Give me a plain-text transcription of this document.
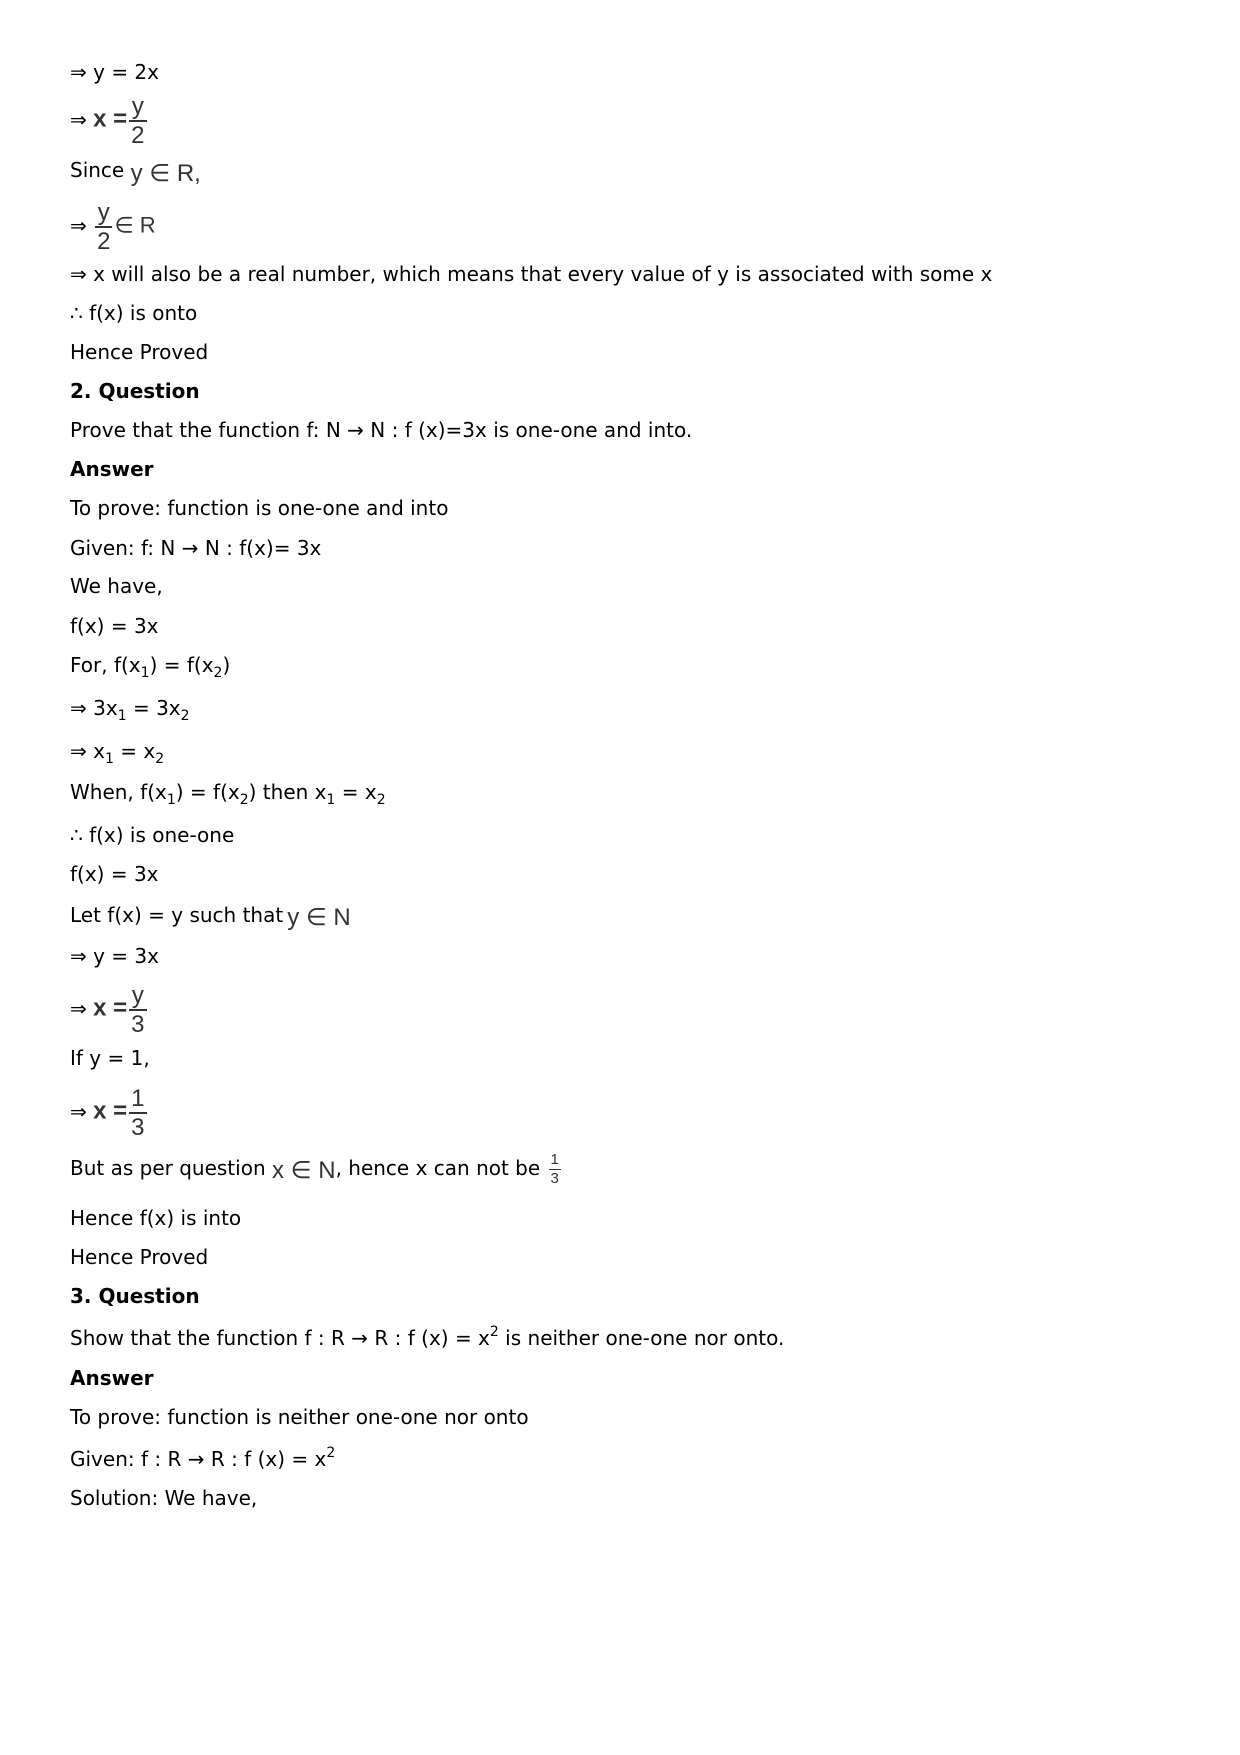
⇒ y = 2x
⇒ $x = \frac{y}{2}$
Since y ∈ R,
⇒ $\frac{y}{2}$ ∈ R
⇒ x will also be a real number, which means that every value of y is associated with some x
∴ f(x) is onto
Hence Proved
2. Question
Prove that the function f: N → N : f (x)=3x is one-one and into.
Answer
To prove: function is one-one and into
Given: f: N → N : f(x)= 3x
We have,
f(x) = 3x
For, $f(x_1) = f(x_2)$
⇒ $3x_1 = 3x_2$
⇒ $x_1 = x_2$
When, $f(x_1) = f(x_2)$ then $x_1 = x_2$
∴ f(x) is one-one
f(x) = 3x
Let f(x) = y such that y ∈ N
⇒ y = 3x
⇒ $x = \frac{y}{3}$
If y = 1,
⇒ $x = \frac{1}{3}$
But as per question x ∈ N, hence x can not be $\frac{1}{3}$
Hence f(x) is into
Hence Proved
3. Question
Show that the function f : R → R : f $(x) = x^2$ is neither one-one nor onto.
Answer
To prove: function is neither one-one nor onto
Given: f : R → R : f $(x) = x^2$
Solution: We have,
